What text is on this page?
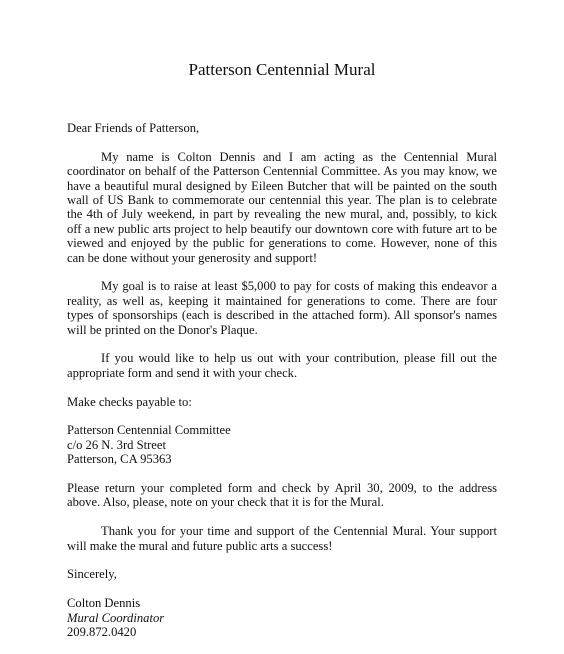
Patterson Centennial Mural

Dear Friends of Patterson,

My name is Colton Dennis and I am acting as the Centennial Mural coordinator on behalf of the Patterson Centennial Committee. As you may know, we have a beautiful mural designed by Eileen Butcher that will be painted on the south wall of US Bank to commemorate our centennial this year. The plan is to celebrate the 4th of July weekend, in part by revealing the new mural, and, possibly, to kick off a new public arts project to help beautify our downtown core with future art to be viewed and enjoyed by the public for generations to come. However, none of this can be done without your generosity and support!

My goal is to raise at least $5,000 to pay for costs of making this endeavor a reality, as well as, keeping it maintained for generations to come. There are four types of sponsorships (each is described in the attached form). All sponsor's names will be printed on the Donor's Plaque.

If you would like to help us out with your contribution, please fill out the appropriate form and send it with your check.

Make checks payable to:

Patterson Centennial Committee
c/o 26 N. 3rd Street
Patterson, CA 95363

Please return your completed form and check by April 30, 2009, to the address above. Also, please, note on your check that it is for the Mural.

Thank you for your time and support of the Centennial Mural. Your support will make the mural and future public arts a success!

Sincerely,

Colton Dennis
Mural Coordinator
209.872.0420
